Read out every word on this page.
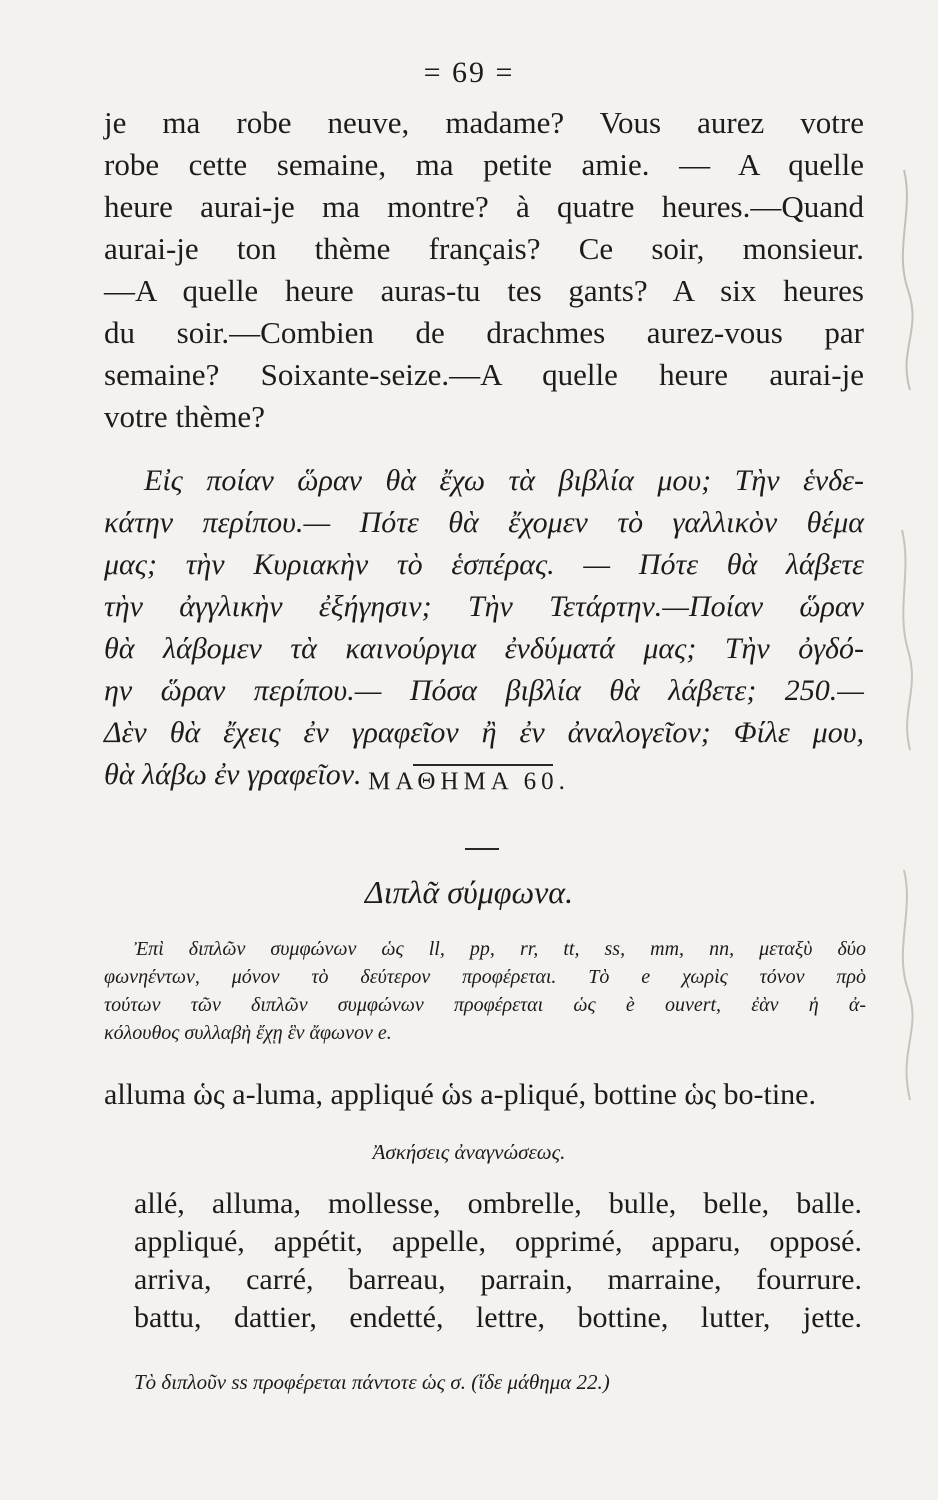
= 69 =
je ma robe neuve, madame? Vous aurez votre
robe cette semaine, ma petite amie. — A quelle
heure aurai-je ma montre? à quatre heures.—Quand
aurai-je ton thème français? Ce soir, monsieur.
—A quelle heure auras-tu tes gants? A six heures
du soir.—Combien de drachmes aurez-vous par
semaine? Soixante-seize.—A quelle heure aurai-je
votre thème?
Εἰς ποίαν ὥραν θὰ ἔχω τὰ βιβλία μου; Τὴν ἑνδε-
κάτην περίπου.— Πότε θὰ ἔχομεν τὸ γαλλικὸν θέμα
μας; τὴν Κυριακὴν τὸ ἑσπέρας. — Πότε θὰ λάβετε
τὴν ἀγγλικὴν ἐξήγησιν; Τὴν Τετάρτην.—Ποίαν ὥραν
θὰ λάβομεν τὰ καινούργια ἐνδύματά μας; Τὴν ὀγδό-
ην ὥραν περίπου.— Πόσα βιβλία θὰ λάβετε; 250.—
Δὲν θὰ ἔχεις ἐν γραφεῖον ἢ ἐν ἀναλογεῖον; Φίλε μου,
θὰ λάβω ἐν γραφεῖον. ΜΑΘΗΜΑ 60.
Διπλᾶ σύμφωνα.
Ἐπὶ διπλῶν συμφώνων ὡς ll, pp, rr, tt, ss, mm, nn, μεταξὺ δύο
φωνηέντων, μόνον τὸ δεύτερον προφέρεται. Τὸ e χωρὶς τόνον πρὸ
τούτων τῶν διπλῶν συμφώνων προφέρεται ὡς è ouvert, ἐὰν ἡ ἀ-
κόλουθος συλλαβὴ ἔχῃ ἓν ἄφωνον e.
alluma ὡς a-luma, appliqué ὡs a-pliqué, bottine ὡς bo-tine.
Ἀσκήσεις ἀναγνώσεως.
allé, alluma, mollesse, ombrelle, bulle, belle, balle.
appliqué, appétit, appelle, opprimé, apparu, opposé.
arriva, carré, barreau, parrain, marraine, fourrure.
battu, dattier, endetté, lettre, bottine, lutter, jette.
Τὸ διπλοῦν ss προφέρεται πάντοτε ὡς σ. (ἴδε μάθημα 22.)
